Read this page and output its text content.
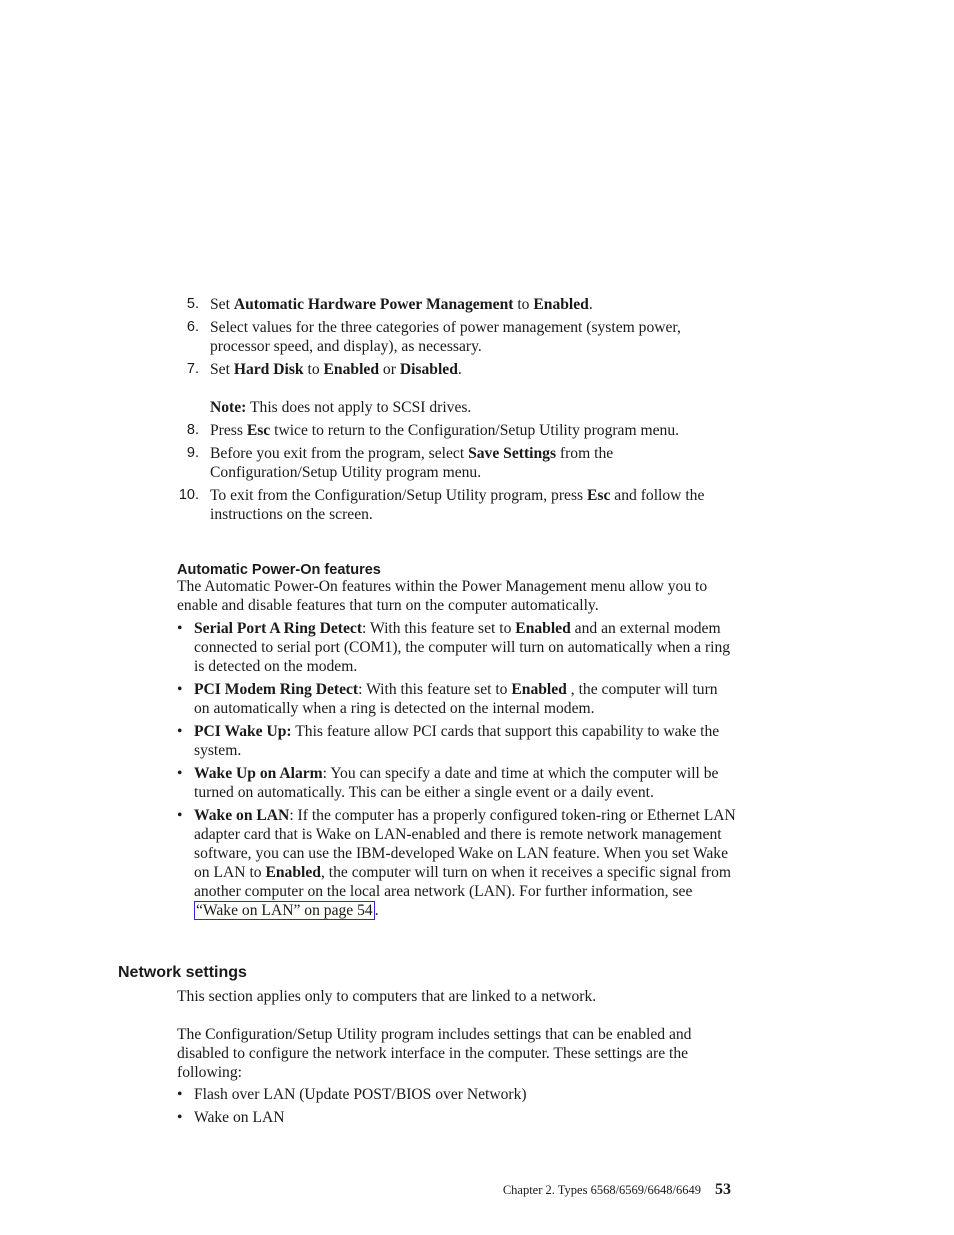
5. Set Automatic Hardware Power Management to Enabled.
6. Select values for the three categories of power management (system power, processor speed, and display), as necessary.
7. Set Hard Disk to Enabled or Disabled.
Note: This does not apply to SCSI drives.
8. Press Esc twice to return to the Configuration/Setup Utility program menu.
9. Before you exit from the program, select Save Settings from the Configuration/Setup Utility program menu.
10. To exit from the Configuration/Setup Utility program, press Esc and follow the instructions on the screen.
Automatic Power-On features
The Automatic Power-On features within the Power Management menu allow you to enable and disable features that turn on the computer automatically.
• Serial Port A Ring Detect: With this feature set to Enabled and an external modem connected to serial port (COM1), the computer will turn on automatically when a ring is detected on the modem.
• PCI Modem Ring Detect: With this feature set to Enabled , the computer will turn on automatically when a ring is detected on the internal modem.
• PCI Wake Up: This feature allow PCI cards that support this capability to wake the system.
• Wake Up on Alarm: You can specify a date and time at which the computer will be turned on automatically. This can be either a single event or a daily event.
• Wake on LAN: If the computer has a properly configured token-ring or Ethernet LAN adapter card that is Wake on LAN-enabled and there is remote network management software, you can use the IBM-developed Wake on LAN feature. When you set Wake on LAN to Enabled, the computer will turn on when it receives a specific signal from another computer on the local area network (LAN). For further information, see “Wake on LAN” on page 54 .
Network settings
This section applies only to computers that are linked to a network.
The Configuration/Setup Utility program includes settings that can be enabled and disabled to configure the network interface in the computer. These settings are the following:
• Flash over LAN (Update POST/BIOS over Network)
• Wake on LAN
Chapter 2. Types 6568/6569/6648/6649 53
